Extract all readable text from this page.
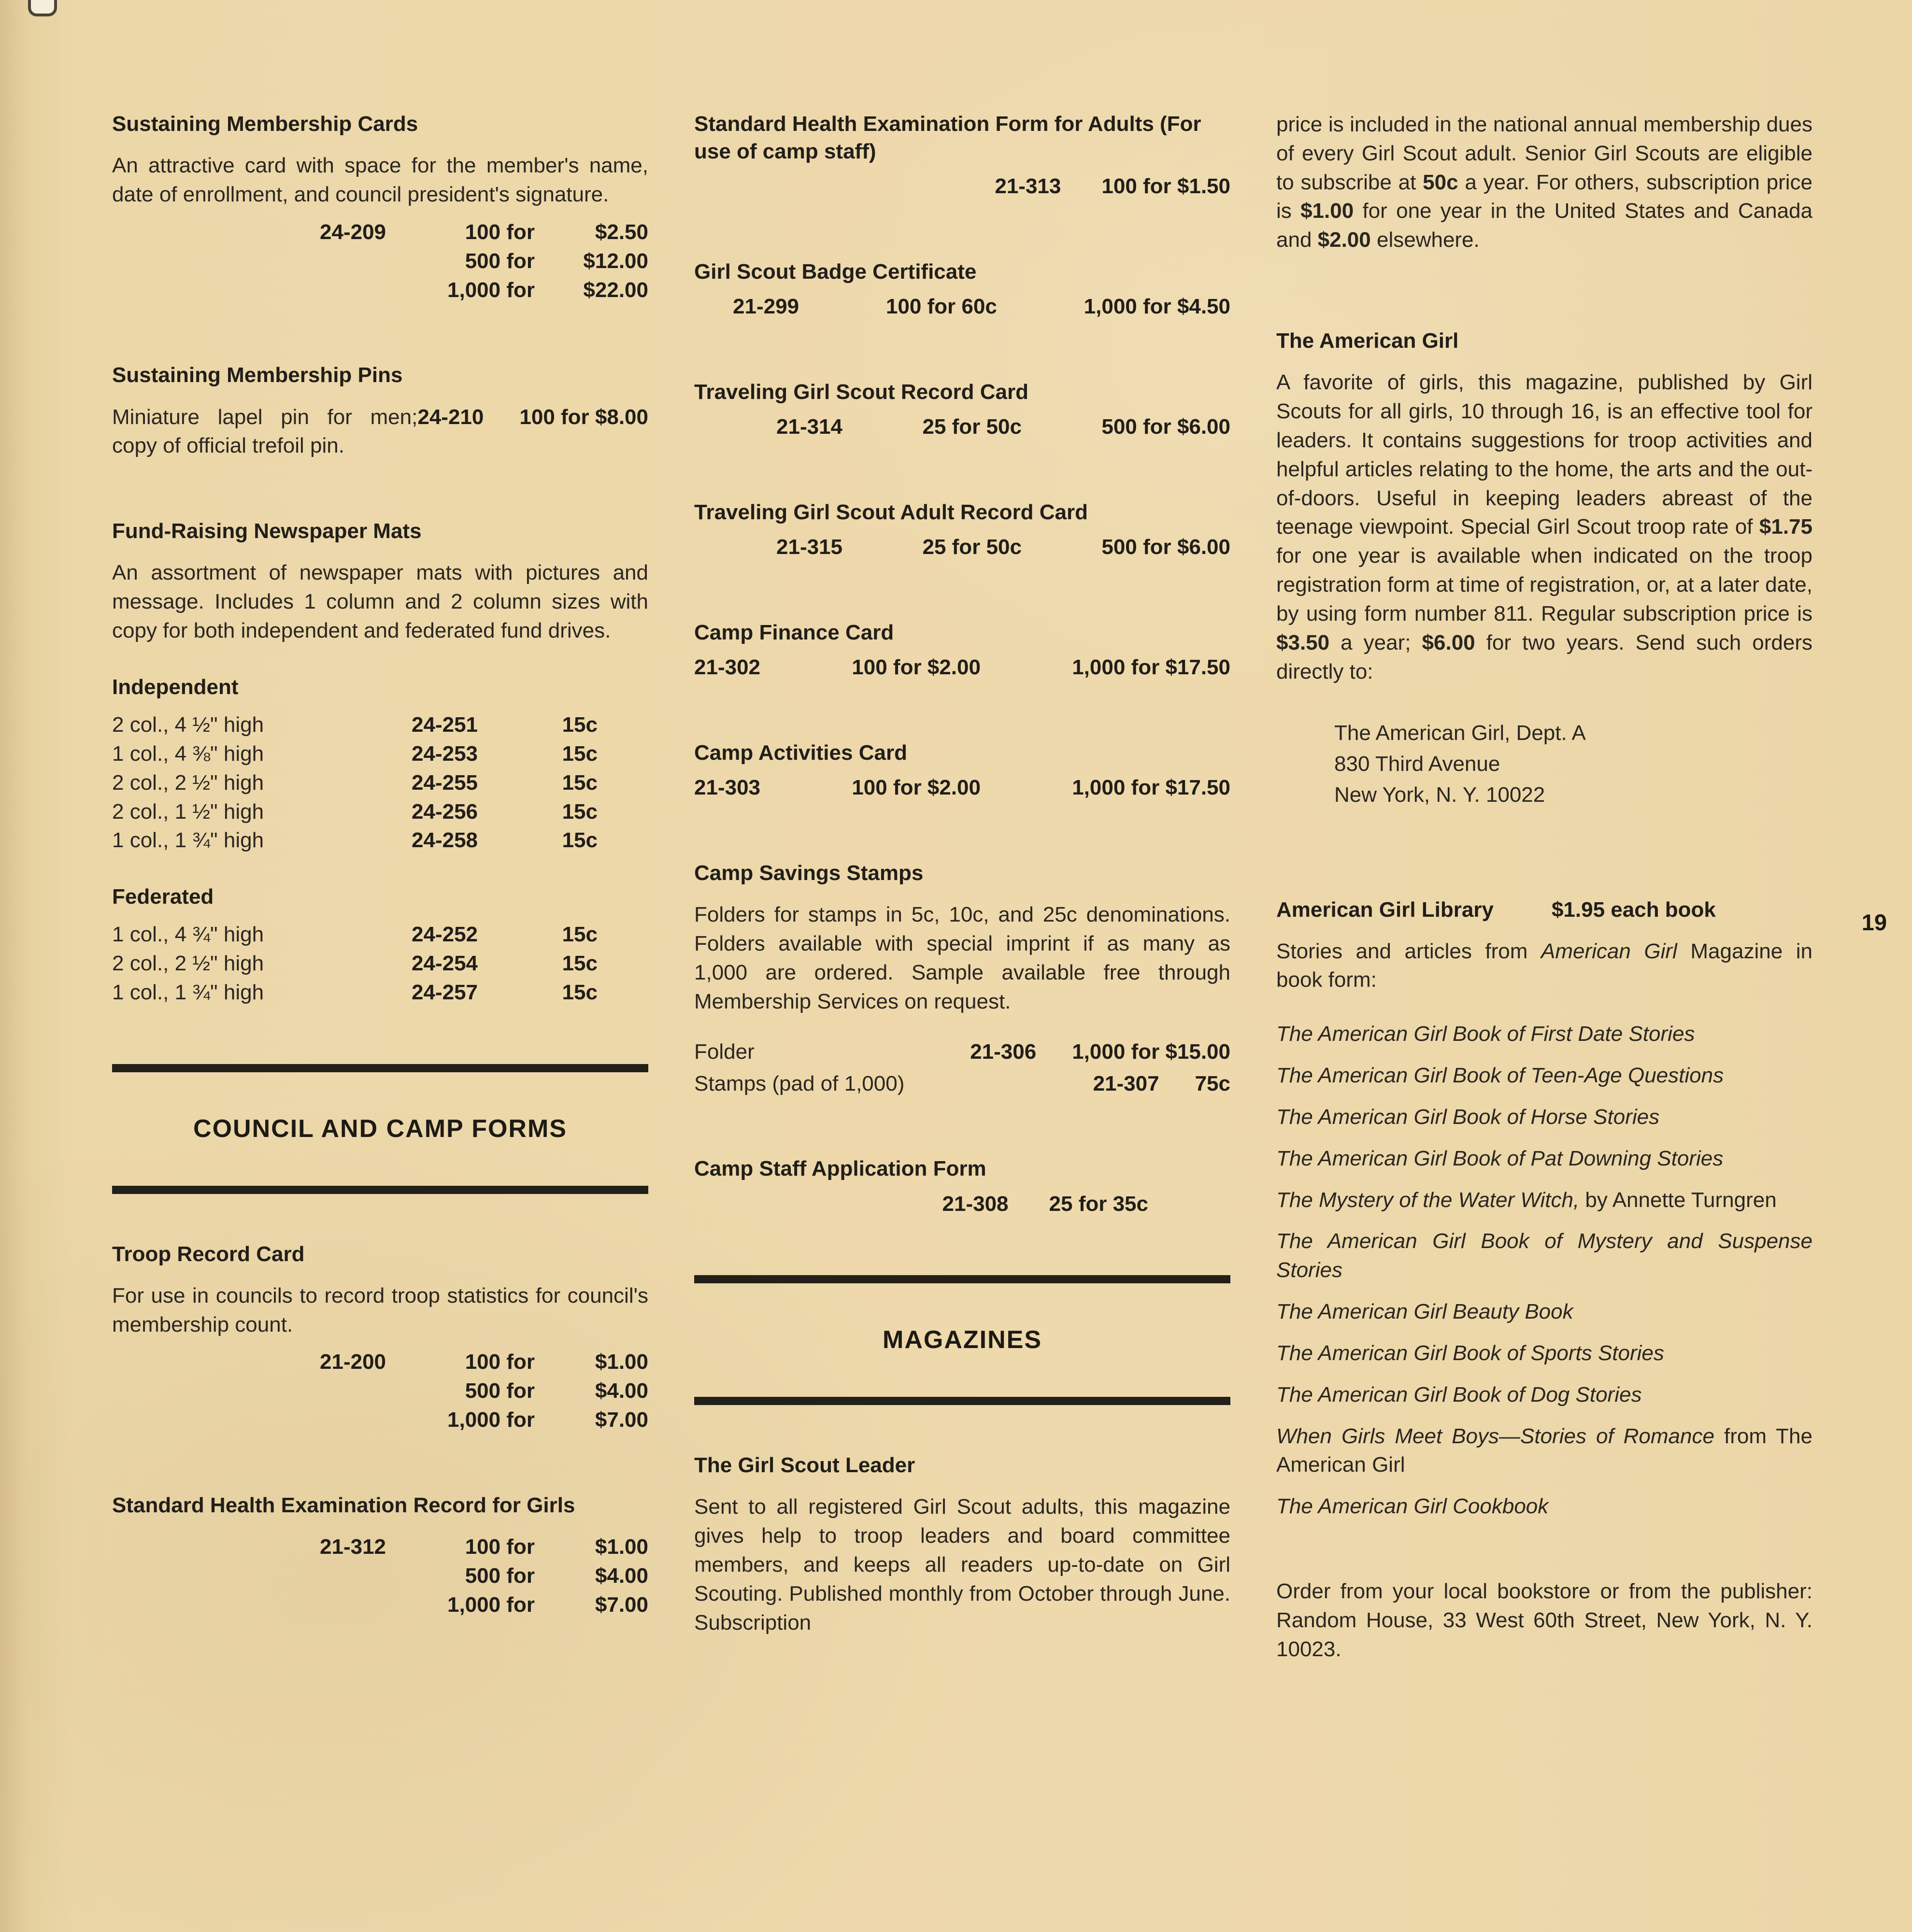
19
Sustaining Membership Cards

An attractive card with space for the member's name, date of enrollment, and council president's signature.

24-209	100 for	$2.50
500 for	$12.00
1,000 for	$22.00
Sustaining Membership Pins

24-210 100 for $8.00
Miniature lapel pin for men; copy of official trefoil pin.

Fund-Raising Newspaper Mats

An assortment of newspaper mats with pictures and message. Includes 1 column and 2 column sizes with copy for both independent and federated fund drives.

Independent
2 col., 4 ½" high	24-251	15c
1 col., 4 ⅜" high	24-253	15c
2 col., 2 ½" high	24-255	15c
2 col., 1 ½" high	24-256	15c
1 col., 1 ¾" high	24-258	15c
Federated
1 col., 4 ¾" high	24-252	15c
2 col., 2 ½" high	24-254	15c
1 col., 1 ¾" high	24-257	15c
COUNCIL AND CAMP FORMS
Troop Record Card

For use in councils to record troop statistics for council's membership count.

21-200	100 for	$1.00
500 for	$4.00
1,000 for	$7.00
Standard Health Examination Record for Girls
21-312	100 for	$1.00
500 for	$4.00
1,000 for	$7.00
Standard Health Examination Form for Adults (For use of camp staff)
21-313 100 for $1.50
Girl Scout Badge Certificate
21-299	100 for 60c	1,000 for $4.50
Traveling Girl Scout Record Card
21-314	25 for 50c	500 for $6.00
Traveling Girl Scout Adult Record Card
21-315	25 for 50c	500 for $6.00
Camp Finance Card
21-302	100 for $2.00	1,000 for $17.50
Camp Activities Card
21-303	100 for $2.00	1,000 for $17.50
Camp Savings Stamps

Folders for stamps in 5c, 10c, and 25c denominations. Folders available with special imprint if as many as 1,000 are ordered. Sample available free through Membership Services on request.

Folder	21-306 1,000 for $15.00
Stamps (pad of 1,000)	21-307 75c
Camp Staff Application Form
21-308 25 for 35c
MAGAZINES
The Girl Scout Leader

Sent to all registered Girl Scout adults, this magazine gives help to troop leaders and board committee members, and keeps all readers up-to-date on Girl Scouting. Published monthly from October through June. Subscription

price is included in the national annual membership dues of every Girl Scout adult. Senior Girl Scouts are eligible to subscribe at 50c a year. For others, subscription price is $1.00 for one year in the United States and Canada and $2.00 elsewhere.

The American Girl

A favorite of girls, this magazine, published by Girl Scouts for all girls, 10 through 16, is an effective tool for leaders. It contains suggestions for troop activities and helpful articles relating to the home, the arts and the out-of-doors. Useful in keeping leaders abreast of the teenage viewpoint. Special Girl Scout troop rate of $1.75 for one year is available when indicated on the troop registration form at time of registration, or, at a later date, by using form number 811. Regular subscription price is $3.50 a year; $6.00 for two years. Send such orders directly to:

The American Girl, Dept. A
830 Third Avenue
New York, N. Y. 10022
American Girl Library	$1.95 each book

Stories and articles from American Girl Magazine in book form:

The American Girl Book of First Date Stories

The American Girl Book of Teen-Age Questions

The American Girl Book of Horse Stories

The American Girl Book of Pat Downing Stories

The Mystery of the Water Witch, by Annette Turngren

The American Girl Book of Mystery and Suspense Stories

The American Girl Beauty Book

The American Girl Book of Sports Stories

The American Girl Book of Dog Stories

When Girls Meet Boys—Stories of Romance from The American Girl

The American Girl Cookbook

Order from your local bookstore or from the publisher: Random House, 33 West 60th Street, New York, N. Y. 10023.
